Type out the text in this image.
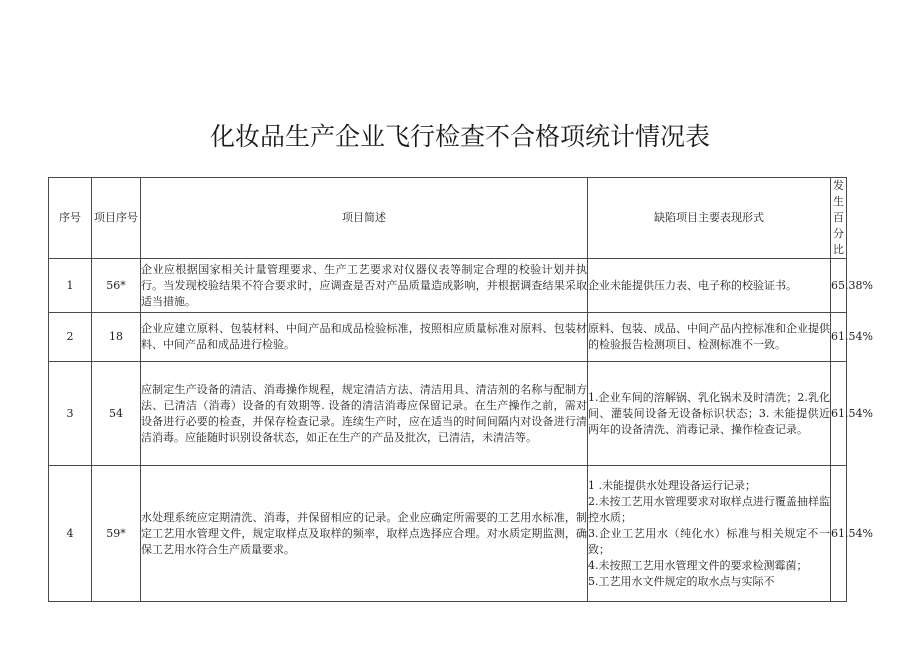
化妆品生产企业飞行检查不合格项统计情况表
序号	项目序号	项目简述	缺陷项目主要表现形式	发生百分比
1	56*	企业应根据国家相关计量管理要求、生产工艺要求对仪器仪表等制定合理的校验计划并执行。当发现校验结果不符合要求时，应调查是否对产品质量造成影响，并根据调查结果采取适当措施。	企业未能提供压力表、电子称的校验证书。	65.38%
2	18	企业应建立原料、包装材料、中间产品和成品检验标准，按照相应质量标准对原料、包装材料、中间产品和成品进行检验。	原料、包装、成品、中间产品内控标准和企业提供的检验报告检测项目、检测标准不一致。	61.54%
3	54	应制定生产设备的清洁、消毒操作规程，规定清洁方法、清洁用具、清洁剂的名称与配制方法、已清洁（消毒）设备的有效期等. 设备的清洁消毒应保留记录。在生产操作之前，需对设备进行必要的检查，并保存检查记录。连续生产时，应在适当的时间间隔内对设备进行清洁消毒。应能随时识别设备状态，如正在生产的产品及批次，已清洁，未清洁等。	1.企业车间的溶解锅、乳化锅未及时清洗；2.乳化间、灌装间设备无设备标识状态；3. 未能提供近两年的设备清洗、消毒记录、操作检查记录。	61.54%
4	59*	水处理系统应定期清洗、消毒，并保留相应的记录。企业应确定所需要的工艺用水标准，制定工艺用水管理文件，规定取样点及取样的频率，取样点选择应合理。对水质定期监测，确保工艺用水符合生产质量要求。	1 .未能提供水处理设备运行记录；
2.未按工艺用水管理要求对取样点进行覆盖抽样监控水质；
3.企业工艺用水（纯化水）标准与相关规定不一致；
4.未按照工艺用水管理文件的要求检测霉菌；
5.工艺用水文件规定的取水点与实际不	61.54%
